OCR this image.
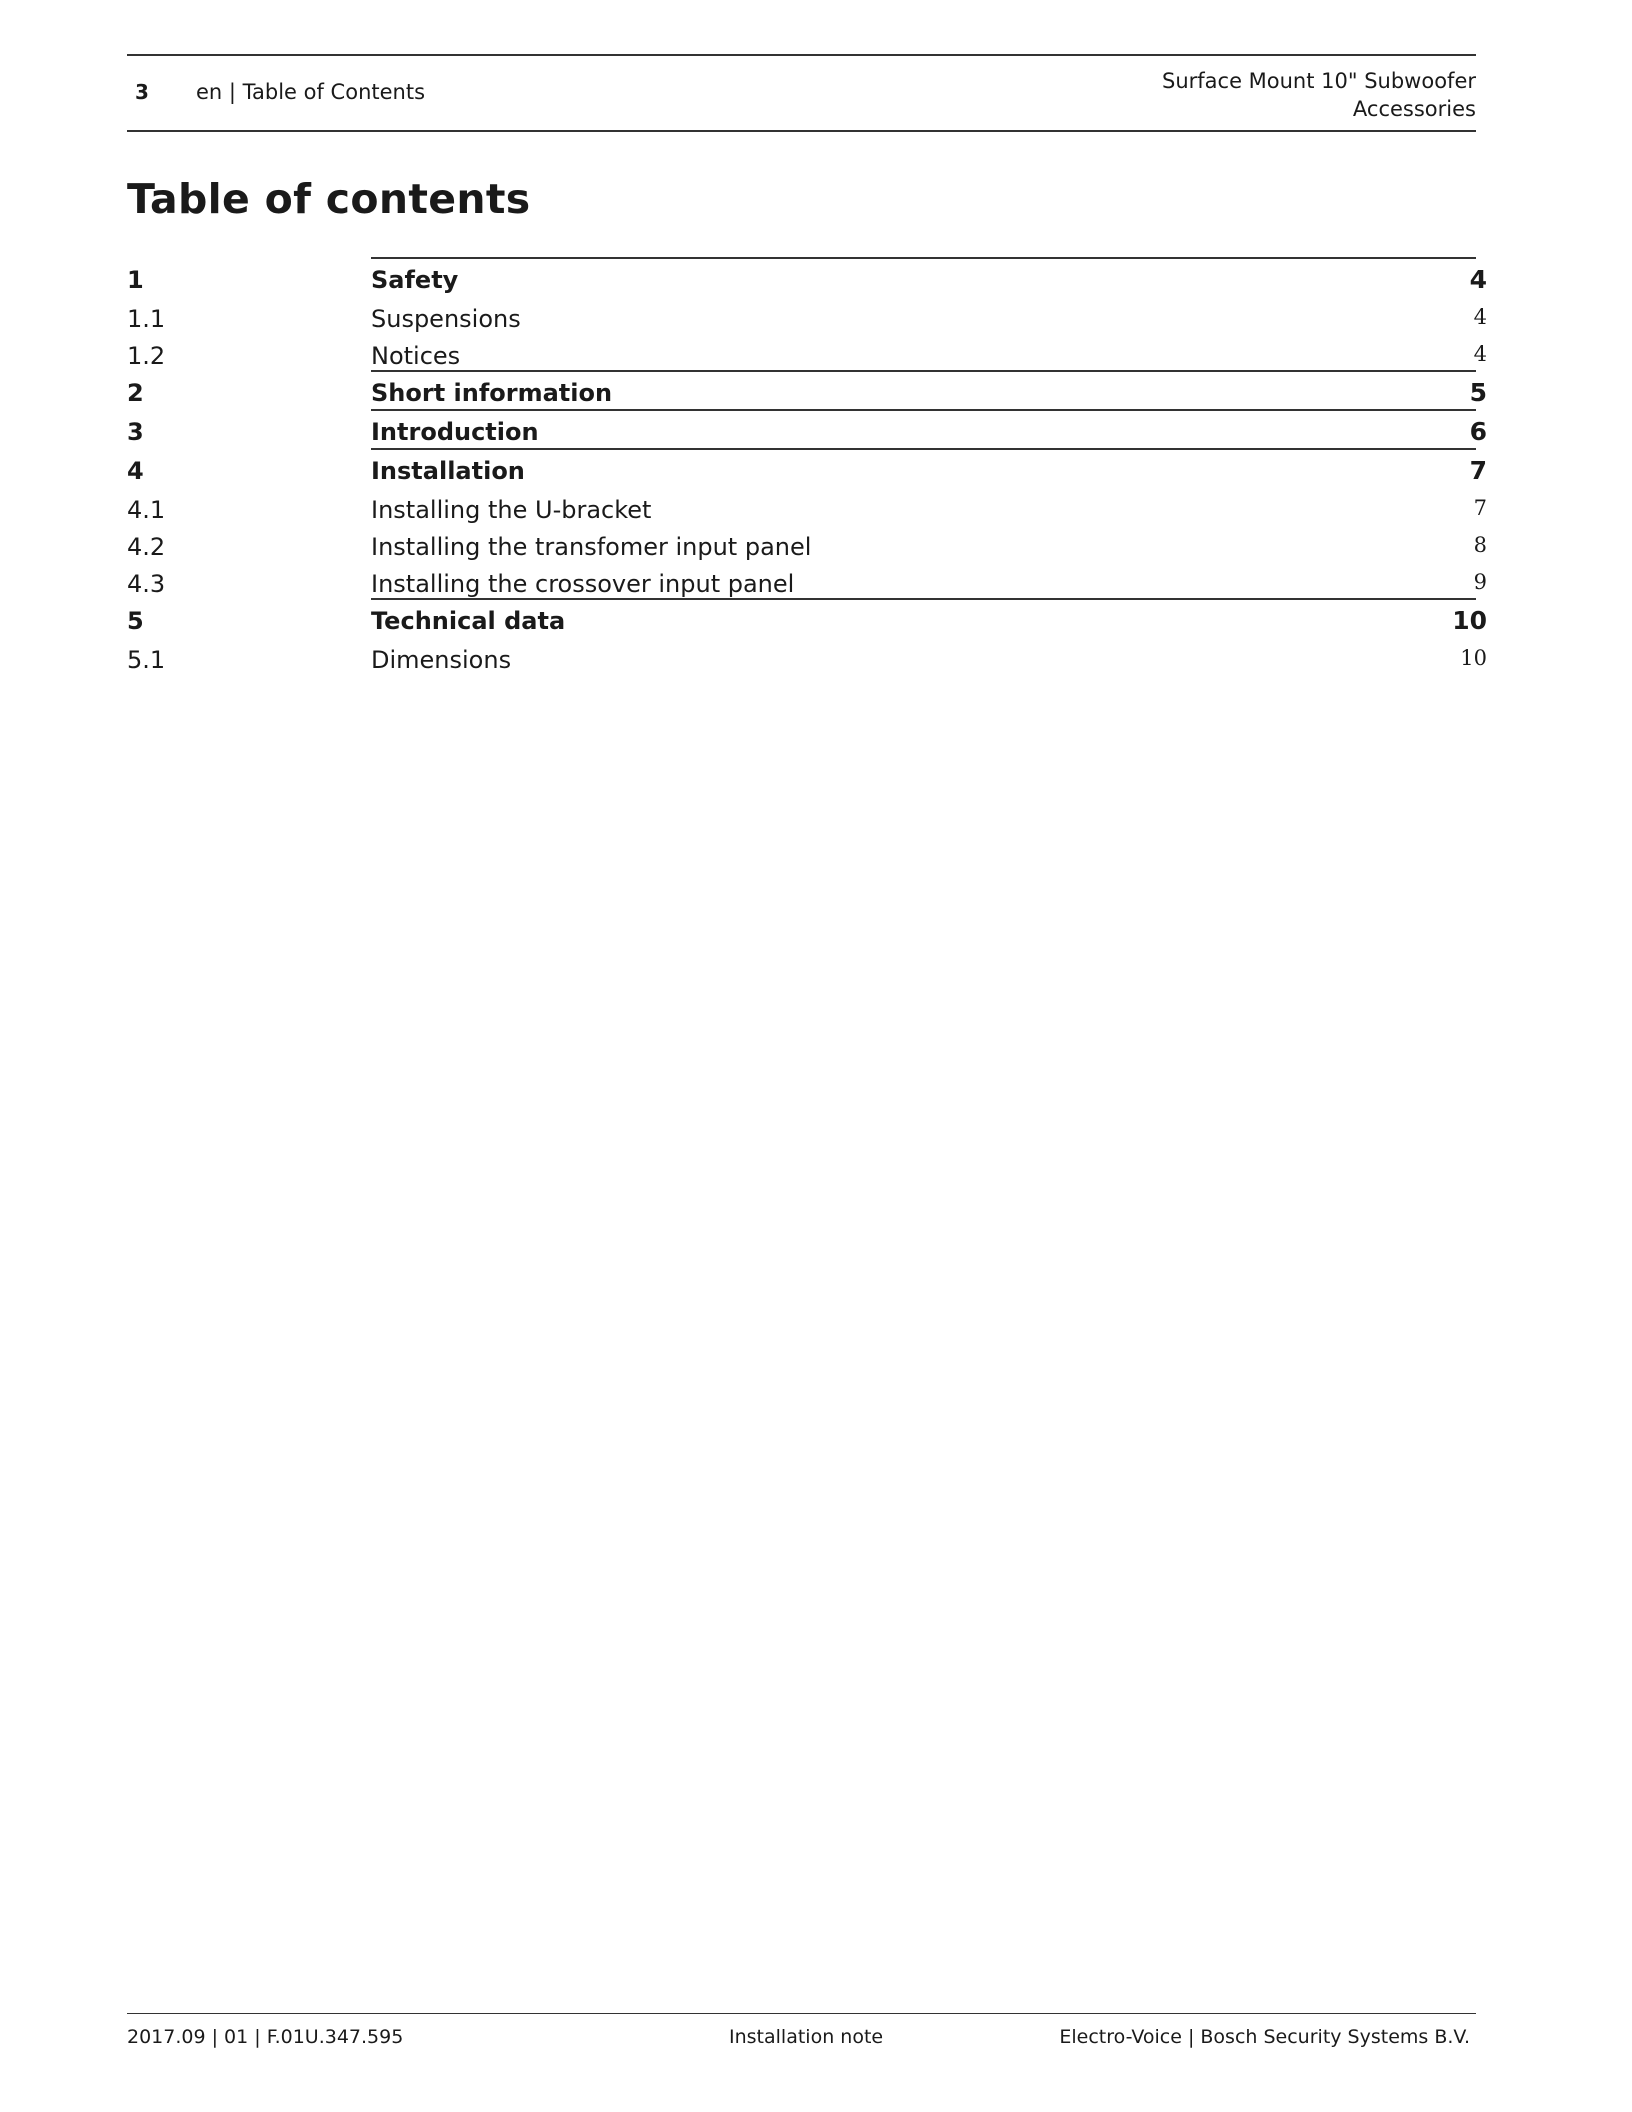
3 en | Table of Contents	Surface Mount 10" Subwoofer
Accessories
Table of contents
1	Safety	4
1.1	Suspensions	4
1.2	Notices	4
2	Short information	5
3	Introduction	6
4	Installation	7
4.1	Installing the U-bracket	7
4.2	Installing the transfomer input panel	8
4.3	Installing the crossover input panel	9
5	Technical data	10
5.1	Dimensions	10
2017.09 | 01 | F.01U.347.595	Installation note	Electro-Voice | Bosch Security Systems B.V.
